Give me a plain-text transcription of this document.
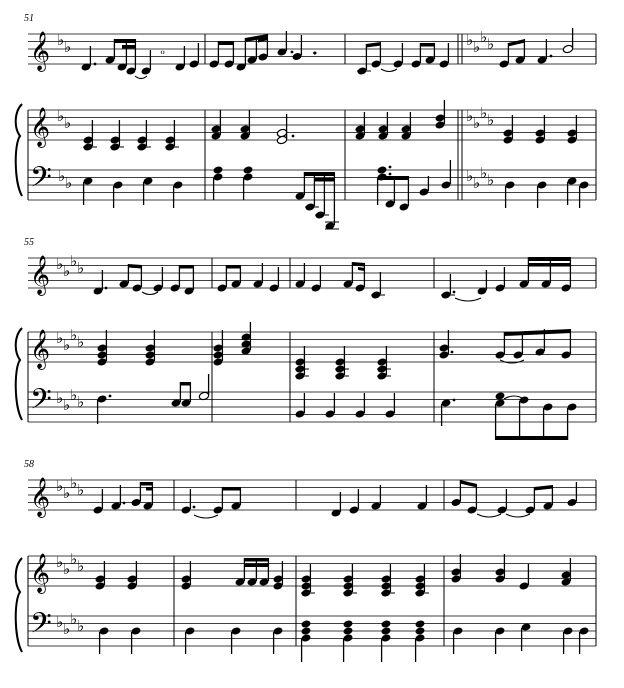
51
𝄞 ♭ ♭	𝅖	𝅕	♭ ♭
♭ ♭
𝄞 ♭ ♭	♭ ♭
♭ ♭
𝄢 ♭ ♭	♭ ♭
♭ ♭
55
𝄞 ♭ ♭
♭ ♭
𝄞 ♭ ♭
♭ ♭
𝄢 ♭ ♭
♭ ♭
58
𝄞 ♭ ♭
♭ ♭
𝄞 ♭ ♭
♭ ♭
𝄢 ♭ ♭
♭ ♭
